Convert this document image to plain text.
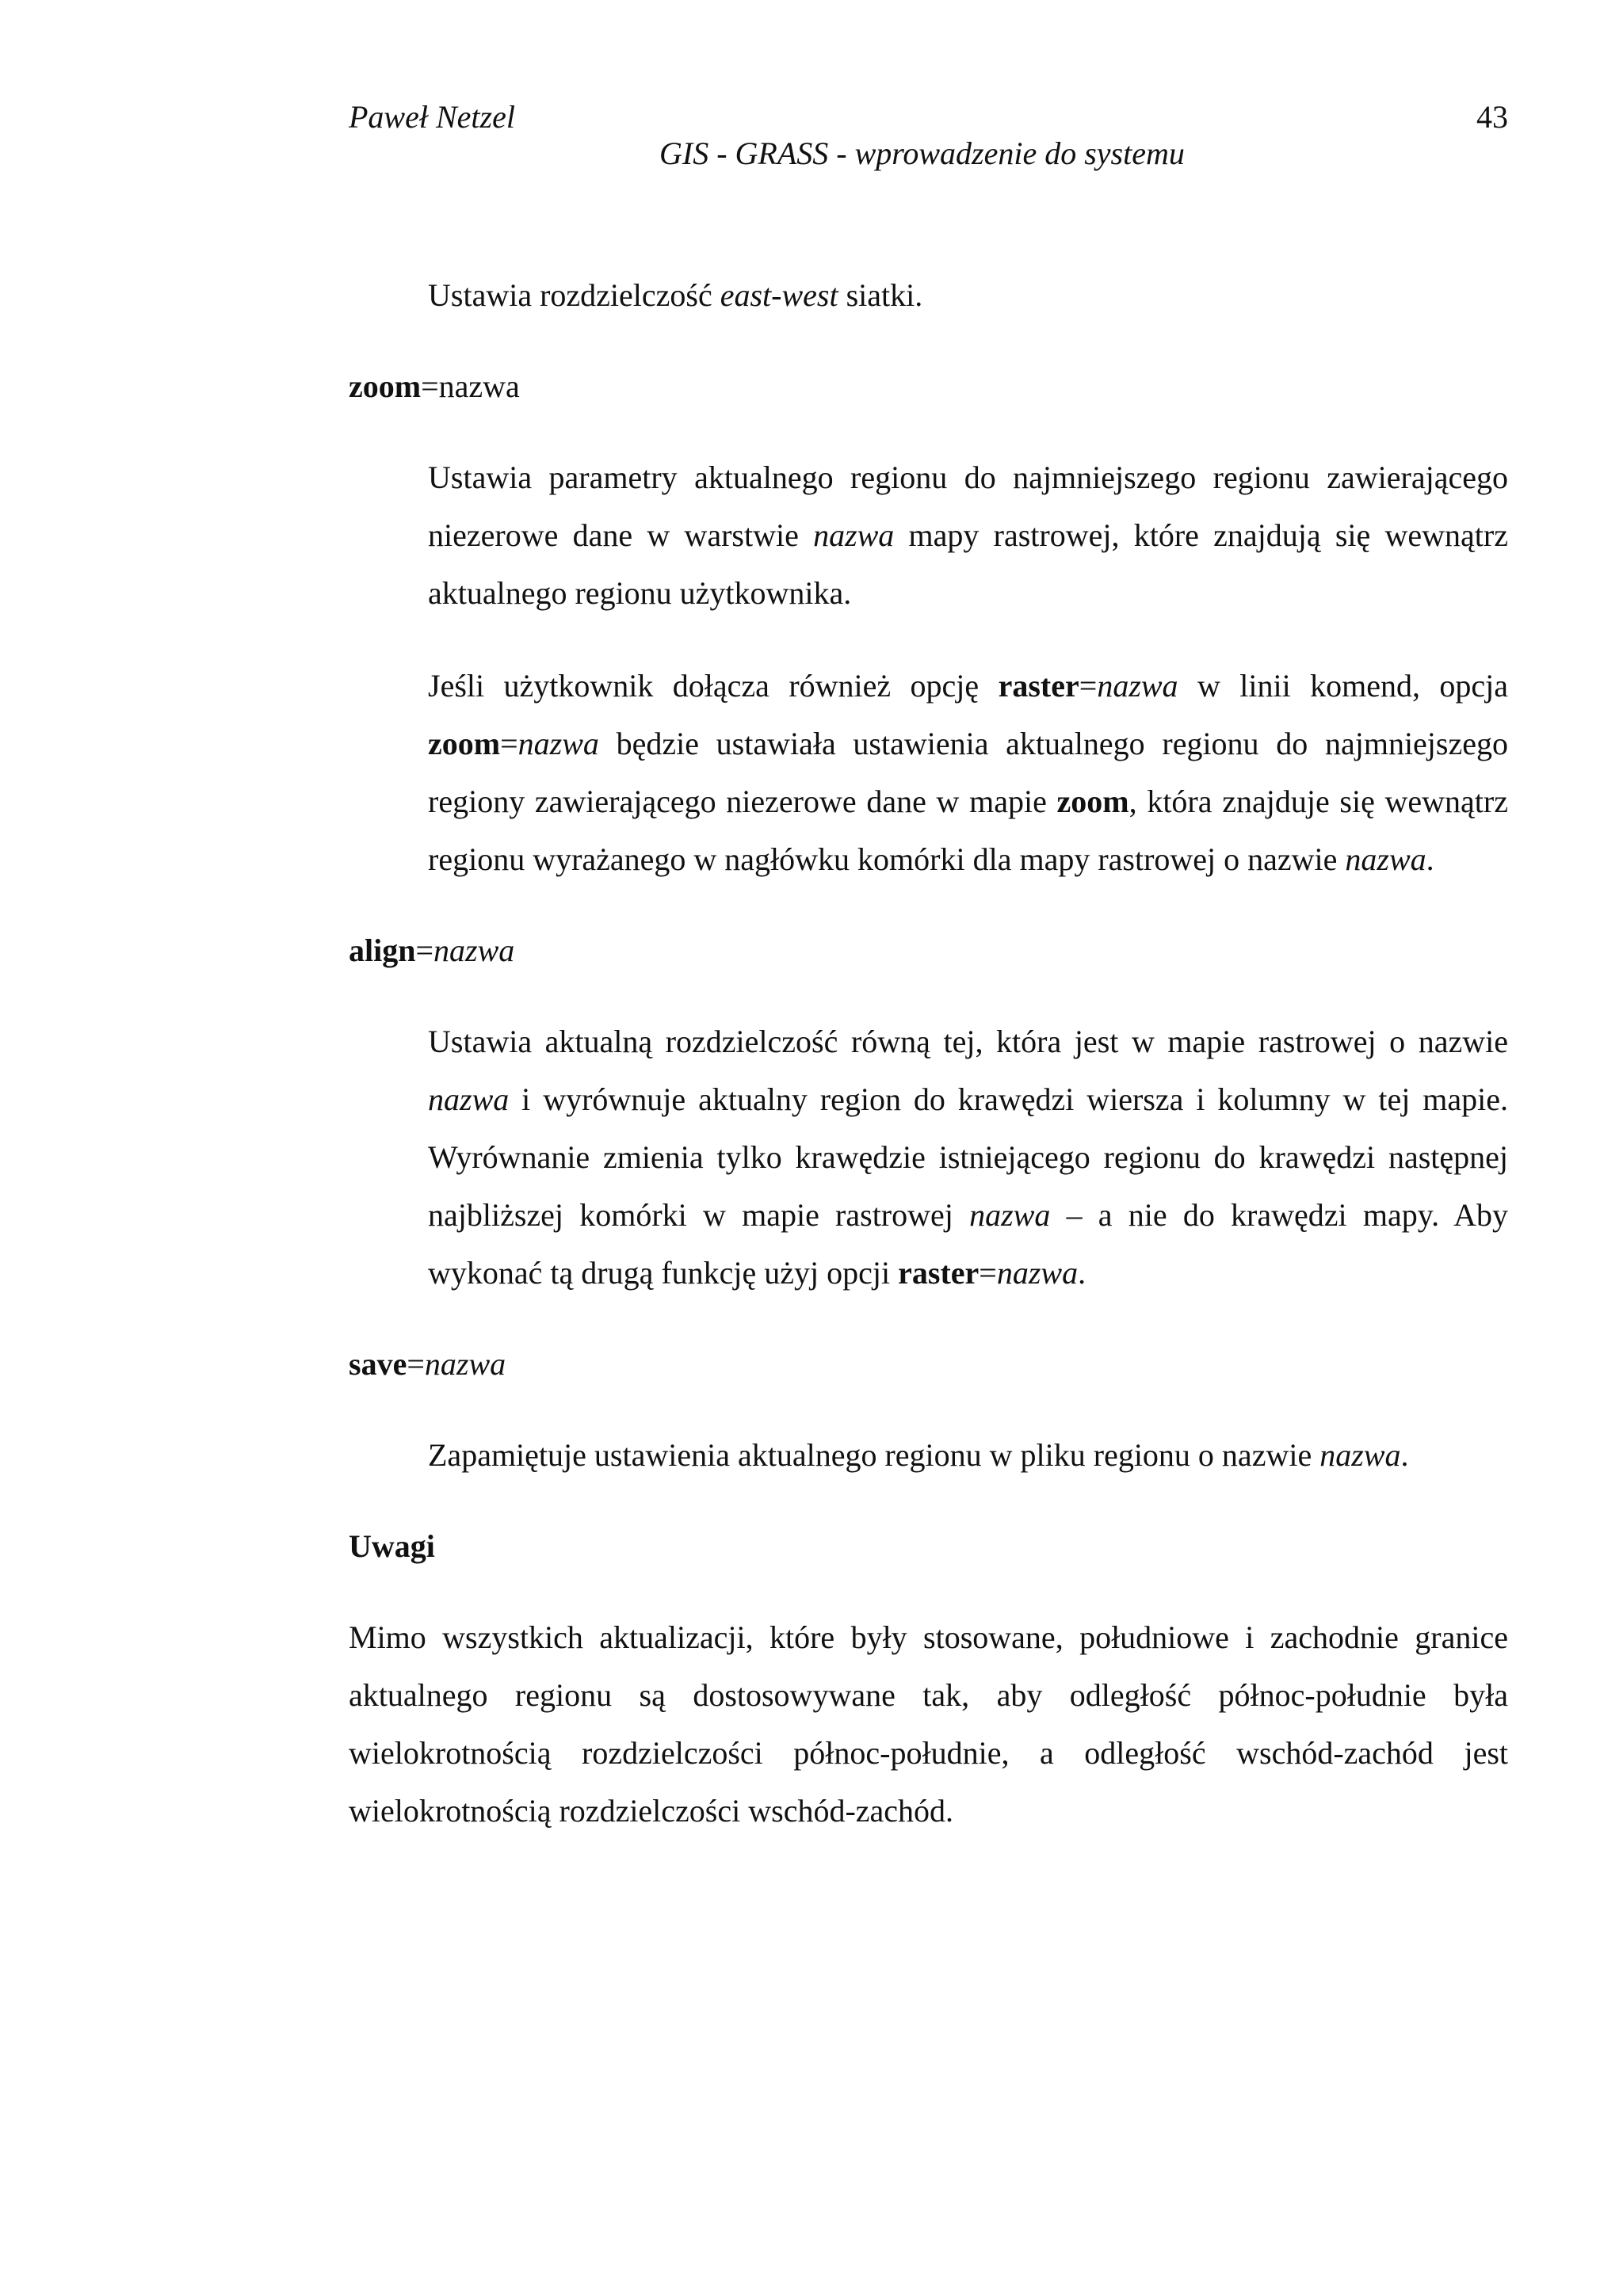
Paweł Netzel	43
GIS - GRASS - wprowadzenie do systemu

Ustawia rozdzielczość east-west siatki.

zoom=nazwa

Ustawia parametry aktualnego regionu do najmniejszego regionu zawierającego niezerowe dane w warstwie nazwa mapy rastrowej, które znajdują się wewnątrz aktualnego regionu użytkownika.

Jeśli użytkownik dołącza również opcję raster=nazwa w linii komend, opcja zoom=nazwa będzie ustawiała ustawienia aktualnego regionu do najmniejszego regiony zawierającego niezerowe dane w mapie zoom, która znajduje się wewnątrz regionu wyrażanego w nagłówku komórki dla mapy rastrowej o nazwie nazwa.

align=nazwa

Ustawia aktualną rozdzielczość równą tej, która jest w mapie rastrowej o nazwie nazwa i wyrównuje aktualny region do krawędzi wiersza i kolumny w tej mapie. Wyrównanie zmienia tylko krawędzie istniejącego regionu do krawędzi następnej najbliższej komórki w mapie rastrowej nazwa – a nie do krawędzi mapy. Aby wykonać tą drugą funkcję użyj opcji raster=nazwa.

save=nazwa

Zapamiętuje ustawienia aktualnego regionu w pliku regionu o nazwie nazwa.

Uwagi

Mimo wszystkich aktualizacji, które były stosowane, południowe i zachodnie granice aktualnego regionu są dostosowywane tak, aby odległość północ-południe była wielokrotnością rozdzielczości północ-południe, a odległość wschód-zachód jest wielokrotnością rozdzielczości wschód-zachód.
